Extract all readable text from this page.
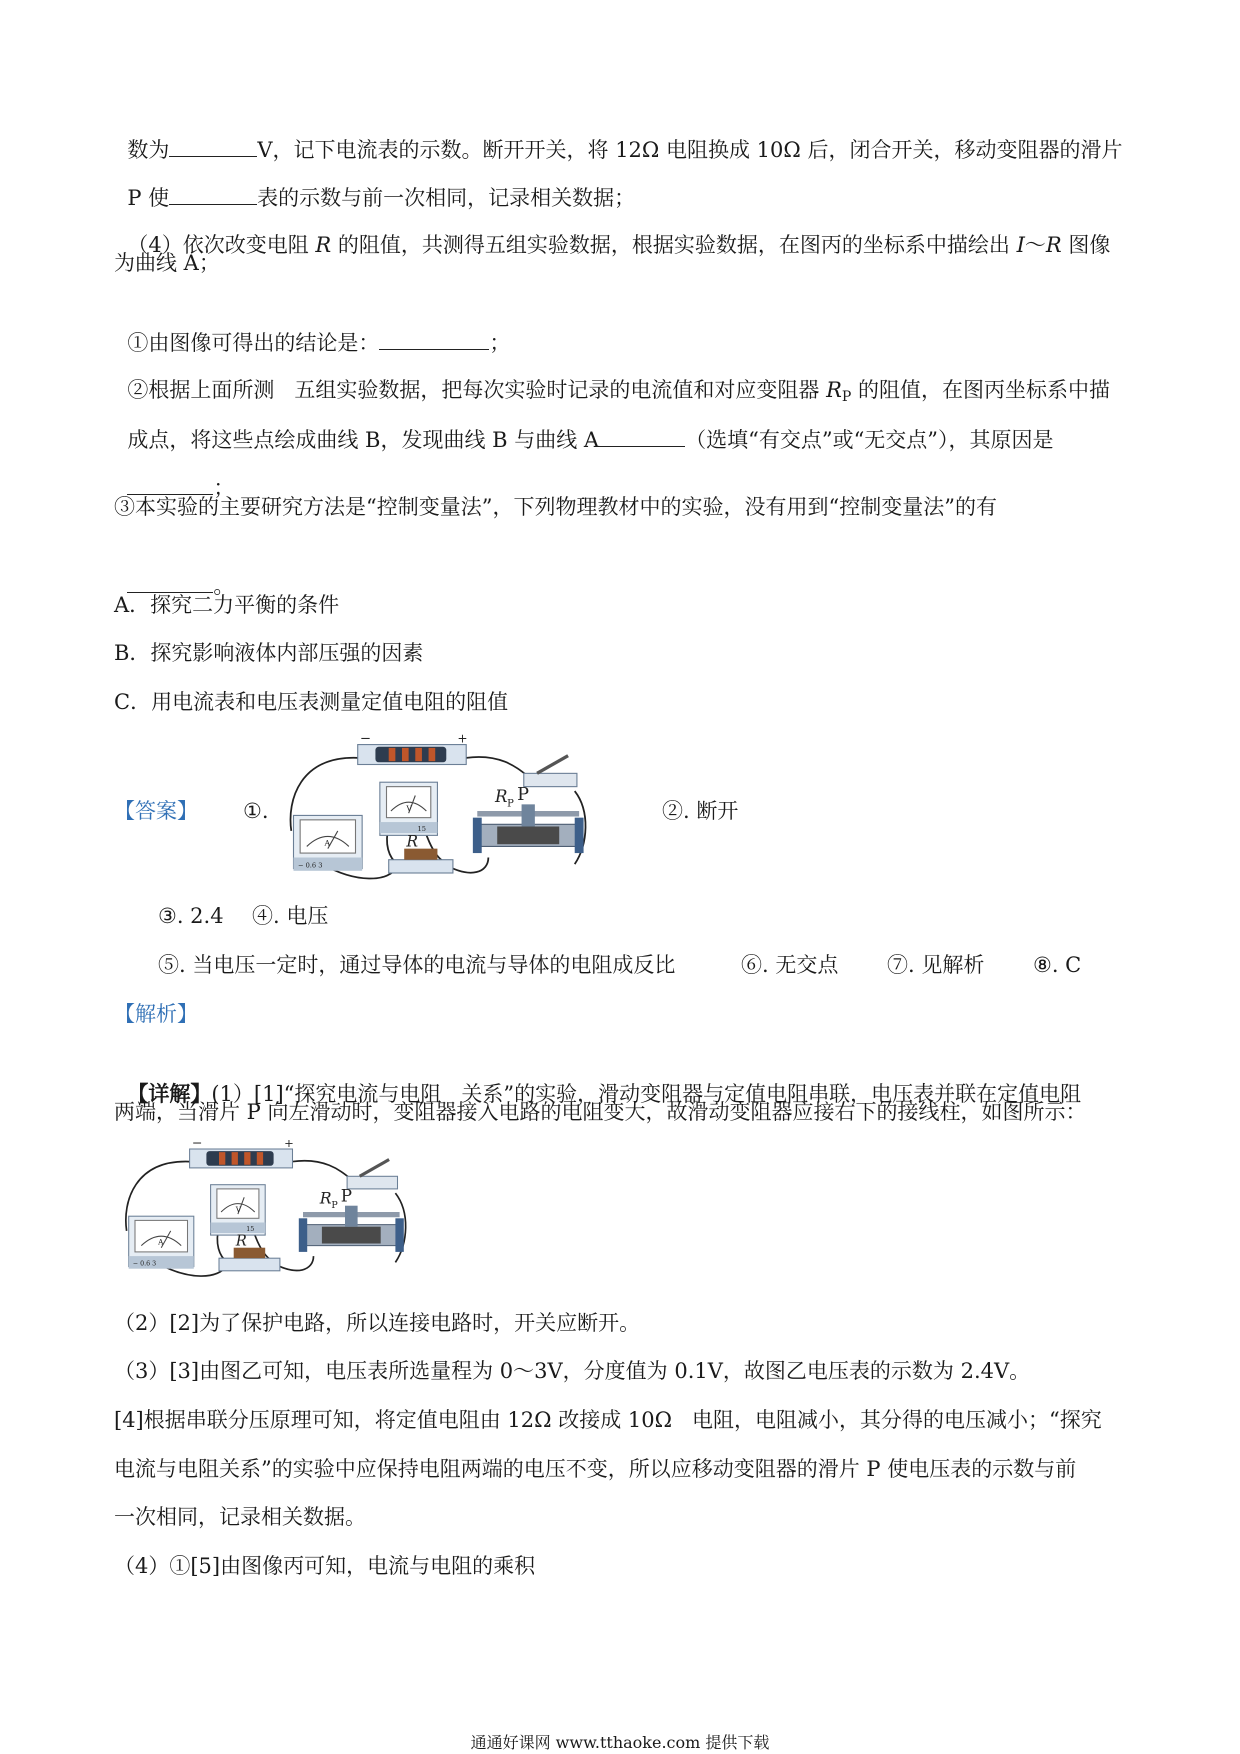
数为	V，记下电流表的示数。断开开关，将 12Ω 电阻换成 10Ω 后，闭合开关，移动变阻器的滑片

P 使	表的示数与前一次相同，记录相关数据；

（4）依次改变电阻 R 的阻值，共测得五组实验数据，根据实验数据，在图丙的坐标系中描绘出 I～R 图像

为曲线 A；

①由图像可得出的结论是：	；

②根据上面所测   五组实验数据，把每次实验时记录的电流值和对应变阻器 $R_P$ 的阻值，在图丙坐标系中描

成点，将这些点绘成曲线 B，发现曲线 B 与曲线 A	（选填“有交点”或“无交点”），其原因是

；

③本实验的主要研究方法是“控制变量法”，下列物理教材中的实验，没有用到“控制变量法”的有

。

A．探究二力平衡的条件
B．探究影响液体内部压强的因素
C．用电流表和电压表测量定值电阻的阻值
【答案】 ①.
−	+
A
− 0.6 3
V
15
R
R P P
②. 断开
③. 2.4 ④. 电压
⑤. 当电压一定时，通过导体的电流与导体的电阻成反比	⑥. 无交点 ⑦. 见解析 ⑧. C
【解析】

【详解】(1）[1]“探究电流与电阻   关系”的实验，滑动变阻器与定值电阻串联，电压表并联在定值电阻

两端，当滑片 P 向左滑动时，变阻器接入电路的电阻变大，故滑动变阻器应接右下的接线柱，如图所示：
−	+
A
− 0.6 3
V
15
R
R P P
（2）[2]为了保护电路，所以连接电路时，开关应断开。
（3）[3]由图乙可知，电压表所选量程为 0～3V，分度值为 0.1V，故图乙电压表的示数为 2.4V。
[4]根据串联分压原理可知，将定值电阻由 12Ω 改接成 10Ω   电阻，电阻减小，其分得的电压减小；“探究
电流与电阻关系”的实验中应保持电阻两端的电压不变，所以应移动变阻器的滑片 P 使电压表的示数与前
一次相同，记录相关数据。
（4）①[5]由图像丙可知，电流与电阻的乘积
通通好课网 www.tthaoke.com 提供下载
